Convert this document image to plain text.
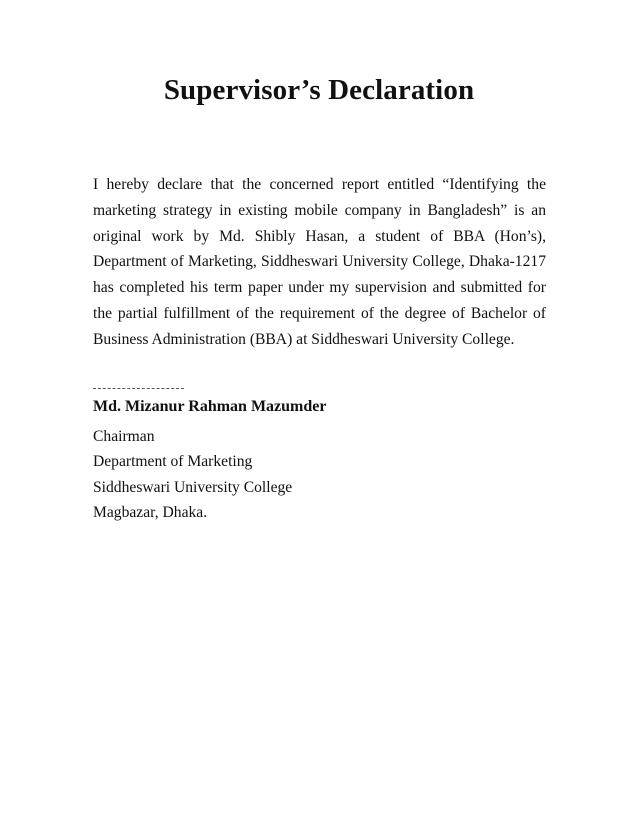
Supervisor’s Declaration

I hereby declare that the concerned report entitled “Identifying the marketing strategy in existing mobile company in Bangladesh” is an original work by Md. Shibly Hasan, a student of BBA (Hon’s), Department of Marketing, Siddheswari University College, Dhaka-1217 has completed his term paper under my supervision and submitted for the partial fulfillment of the requirement of the degree of Bachelor of Business Administration (BBA) at Siddheswari University College.

Md. Mizanur Rahman Mazumder

Chairman
Department of Marketing
Siddheswari University College
Magbazar, Dhaka.
